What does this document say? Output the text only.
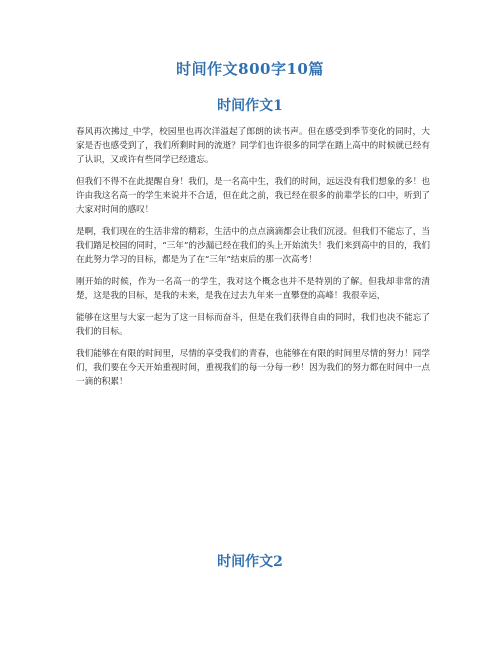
时间作文800字10篇
时间作文1

春风再次拂过_中学，校园里也再次洋溢起了郎朗的读书声。但在感受到季节变化的同时，大家是否也感受到了，我们所剩时间的流逝？同学们也许很多的同学在踏上高中的时候就已经有了认识，又或许有些同学已经遗忘。

但我们不得不在此提醒自身！我们，是一名高中生，我们的时间，远远没有我们想象的多！也许由我这名高一的学生来说并不合适，但在此之前，我已经在很多的前辈学长的口中，听到了大家对时间的感叹！

是啊，我们现在的生活非常的精彩，生活中的点点滴滴都会让我们沉浸。但我们不能忘了，当我们踏足校园的同时，“三年”的沙漏已经在我们的头上开始流失！我们来到高中的目的，我们在此努力学习的目标，都是为了在“三年”结束后的那一次高考！

刚开始的时候，作为一名高一的学生，我对这个概念也并不是特别的了解。但我却非常的清楚，这是我的目标，是我的未来，是我在过去九年来一直攀登的高峰！我很幸运，

能够在这里与大家一起为了这一目标而奋斗，但是在我们获得自由的同时，我们也决不能忘了我们的目标。

我们能够在有限的时间里，尽情的享受我们的青春，也能够在有限的时间里尽情的努力！同学们，我们要在今天开始重视时间，重视我们的每一分每一秒！因为我们的努力都在时间中一点一滴的积累！

时间作文2
